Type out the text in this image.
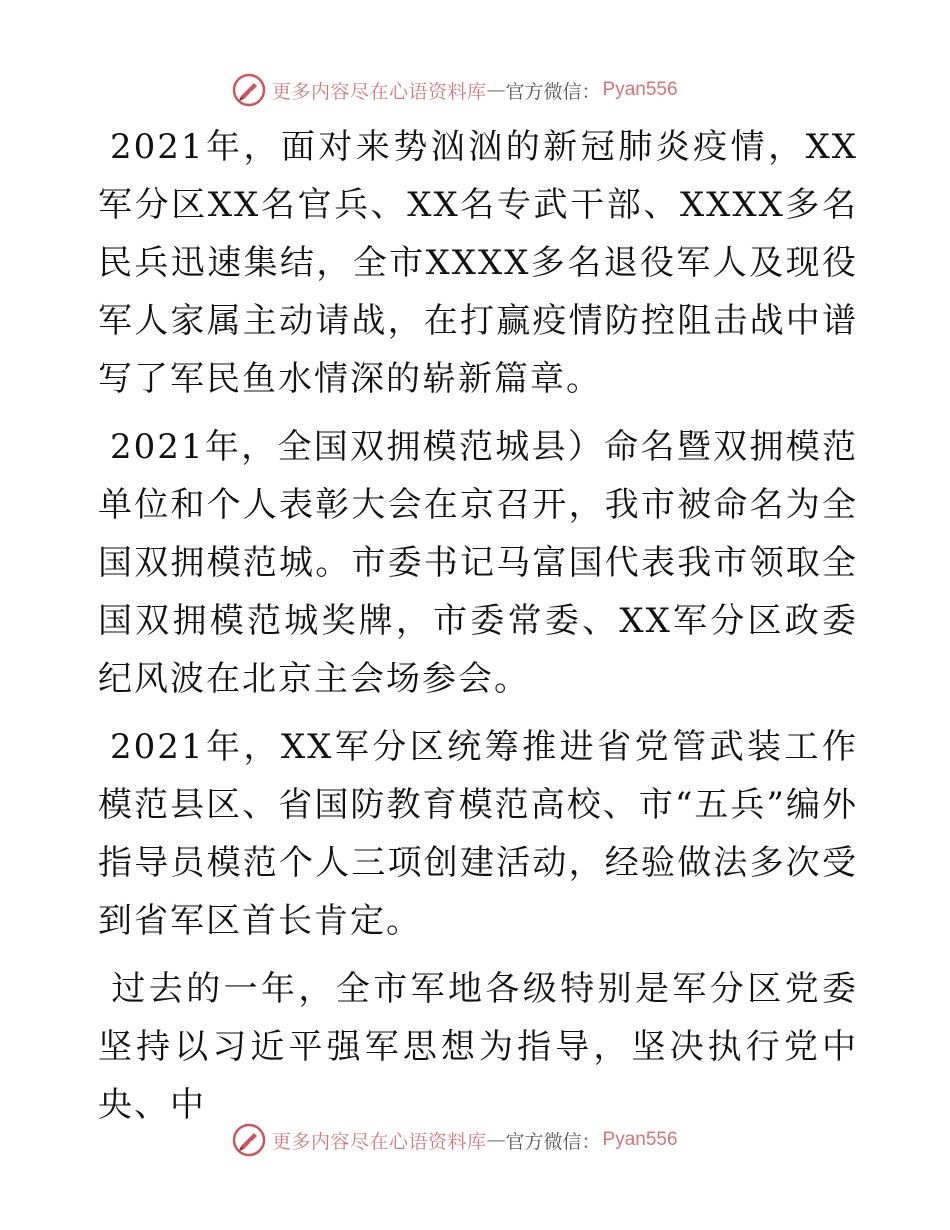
更多内容尽在心语资料库 — 官方微信： Pyan556

2021年，面对来势汹汹的新冠肺炎疫情，XX军分区XX名官兵、XX名专武干部、XXXX多名民兵迅速集结，全市XXXX多名退役军人及现役军人家属主动请战，在打赢疫情防控阻击战中谱写了军民鱼水情深的崭新篇章。

2021年，全国双拥模范城县）命名暨双拥模范单位和个人表彰大会在京召开，我市被命名为全国双拥模范城。市委书记马富国代表我市领取全国双拥模范城奖牌，市委常委、XX军分区政委纪风波在北京主会场参会。

2021年，XX军分区统筹推进省党管武装工作模范县区、省国防教育模范高校、市“五兵”编外指导员模范个人三项创建活动，经验做法多次受到省军区首长肯定。

过去的一年，全市军地各级特别是军分区党委坚持以习近平强军思想为指导，坚决执行党中央、中

更多内容尽在心语资料库 — 官方微信： Pyan556
